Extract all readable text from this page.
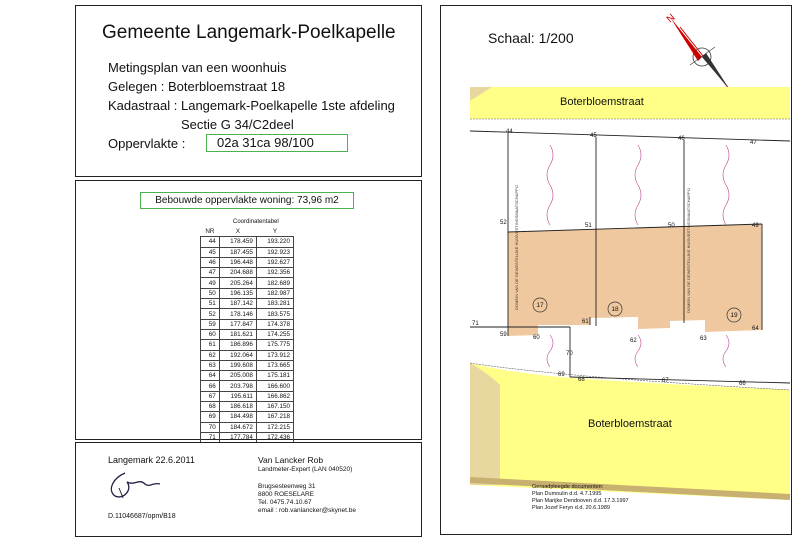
Gemeente Langemark-Poelkapelle
Metingsplan van een woonhuis
Gelegen : Boterbloemstraat 18
Kadastraal : Langemark-Poelkapelle 1ste afdeling
Sectie G 34/C2deel
Oppervlakte :	02a 31ca 98/100
Bebouwde oppervlakte woning: 73,96 m2
Coordinatentabel
NR	X	Y
44	178.459	193.220
45	187.455	192.923
46	196.448	192.627
47	204.688	192.356
49	205.264	182.689
50	196.135	182.987
51	187.142	183.281
52	178.146	183.575
59	177.847	174.378
60	181.621	174.255
61	186.896	175.775
62	192.064	173.912
63	199.608	173.665
64	205.008	175.181
66	203.798	166.600
67	195.611	166.862
68	186.618	167.150
69	184.498	167.218
70	184.672	172.215
71	177.784	172.436
Langemark 22.6.2011
D.11046687/opm/B18
Van Lancker Rob
Landmeter-Expert (LAN 040520)
Brugsesteenweg 31
8800 ROESELARE
Tel. 0475.74.10.67
email : rob.vanlancker@skynet.be
Schaal: 1/200
N
17
18
19
44
45	46
47
52	51	50	49
59	60
61
62	63
64
71
70
69
68	67	66
DOMEIN VAN DE GEWESTELIJKE HUISVESTINGSMAATSCHAPPIJ	DOMEIN VAN DE GEWESTELIJKE HUISVESTINGSMAATSCHAPPIJ
Boterbloemstraat
Boterbloemstraat
Geraadpleegde documenten:
Plan Dumoulin d.d. 4.7.1995
Plan Marijke Dendooven d.d. 17.3.1997
Plan Jozef Feryn d.d. 20.6.1989
